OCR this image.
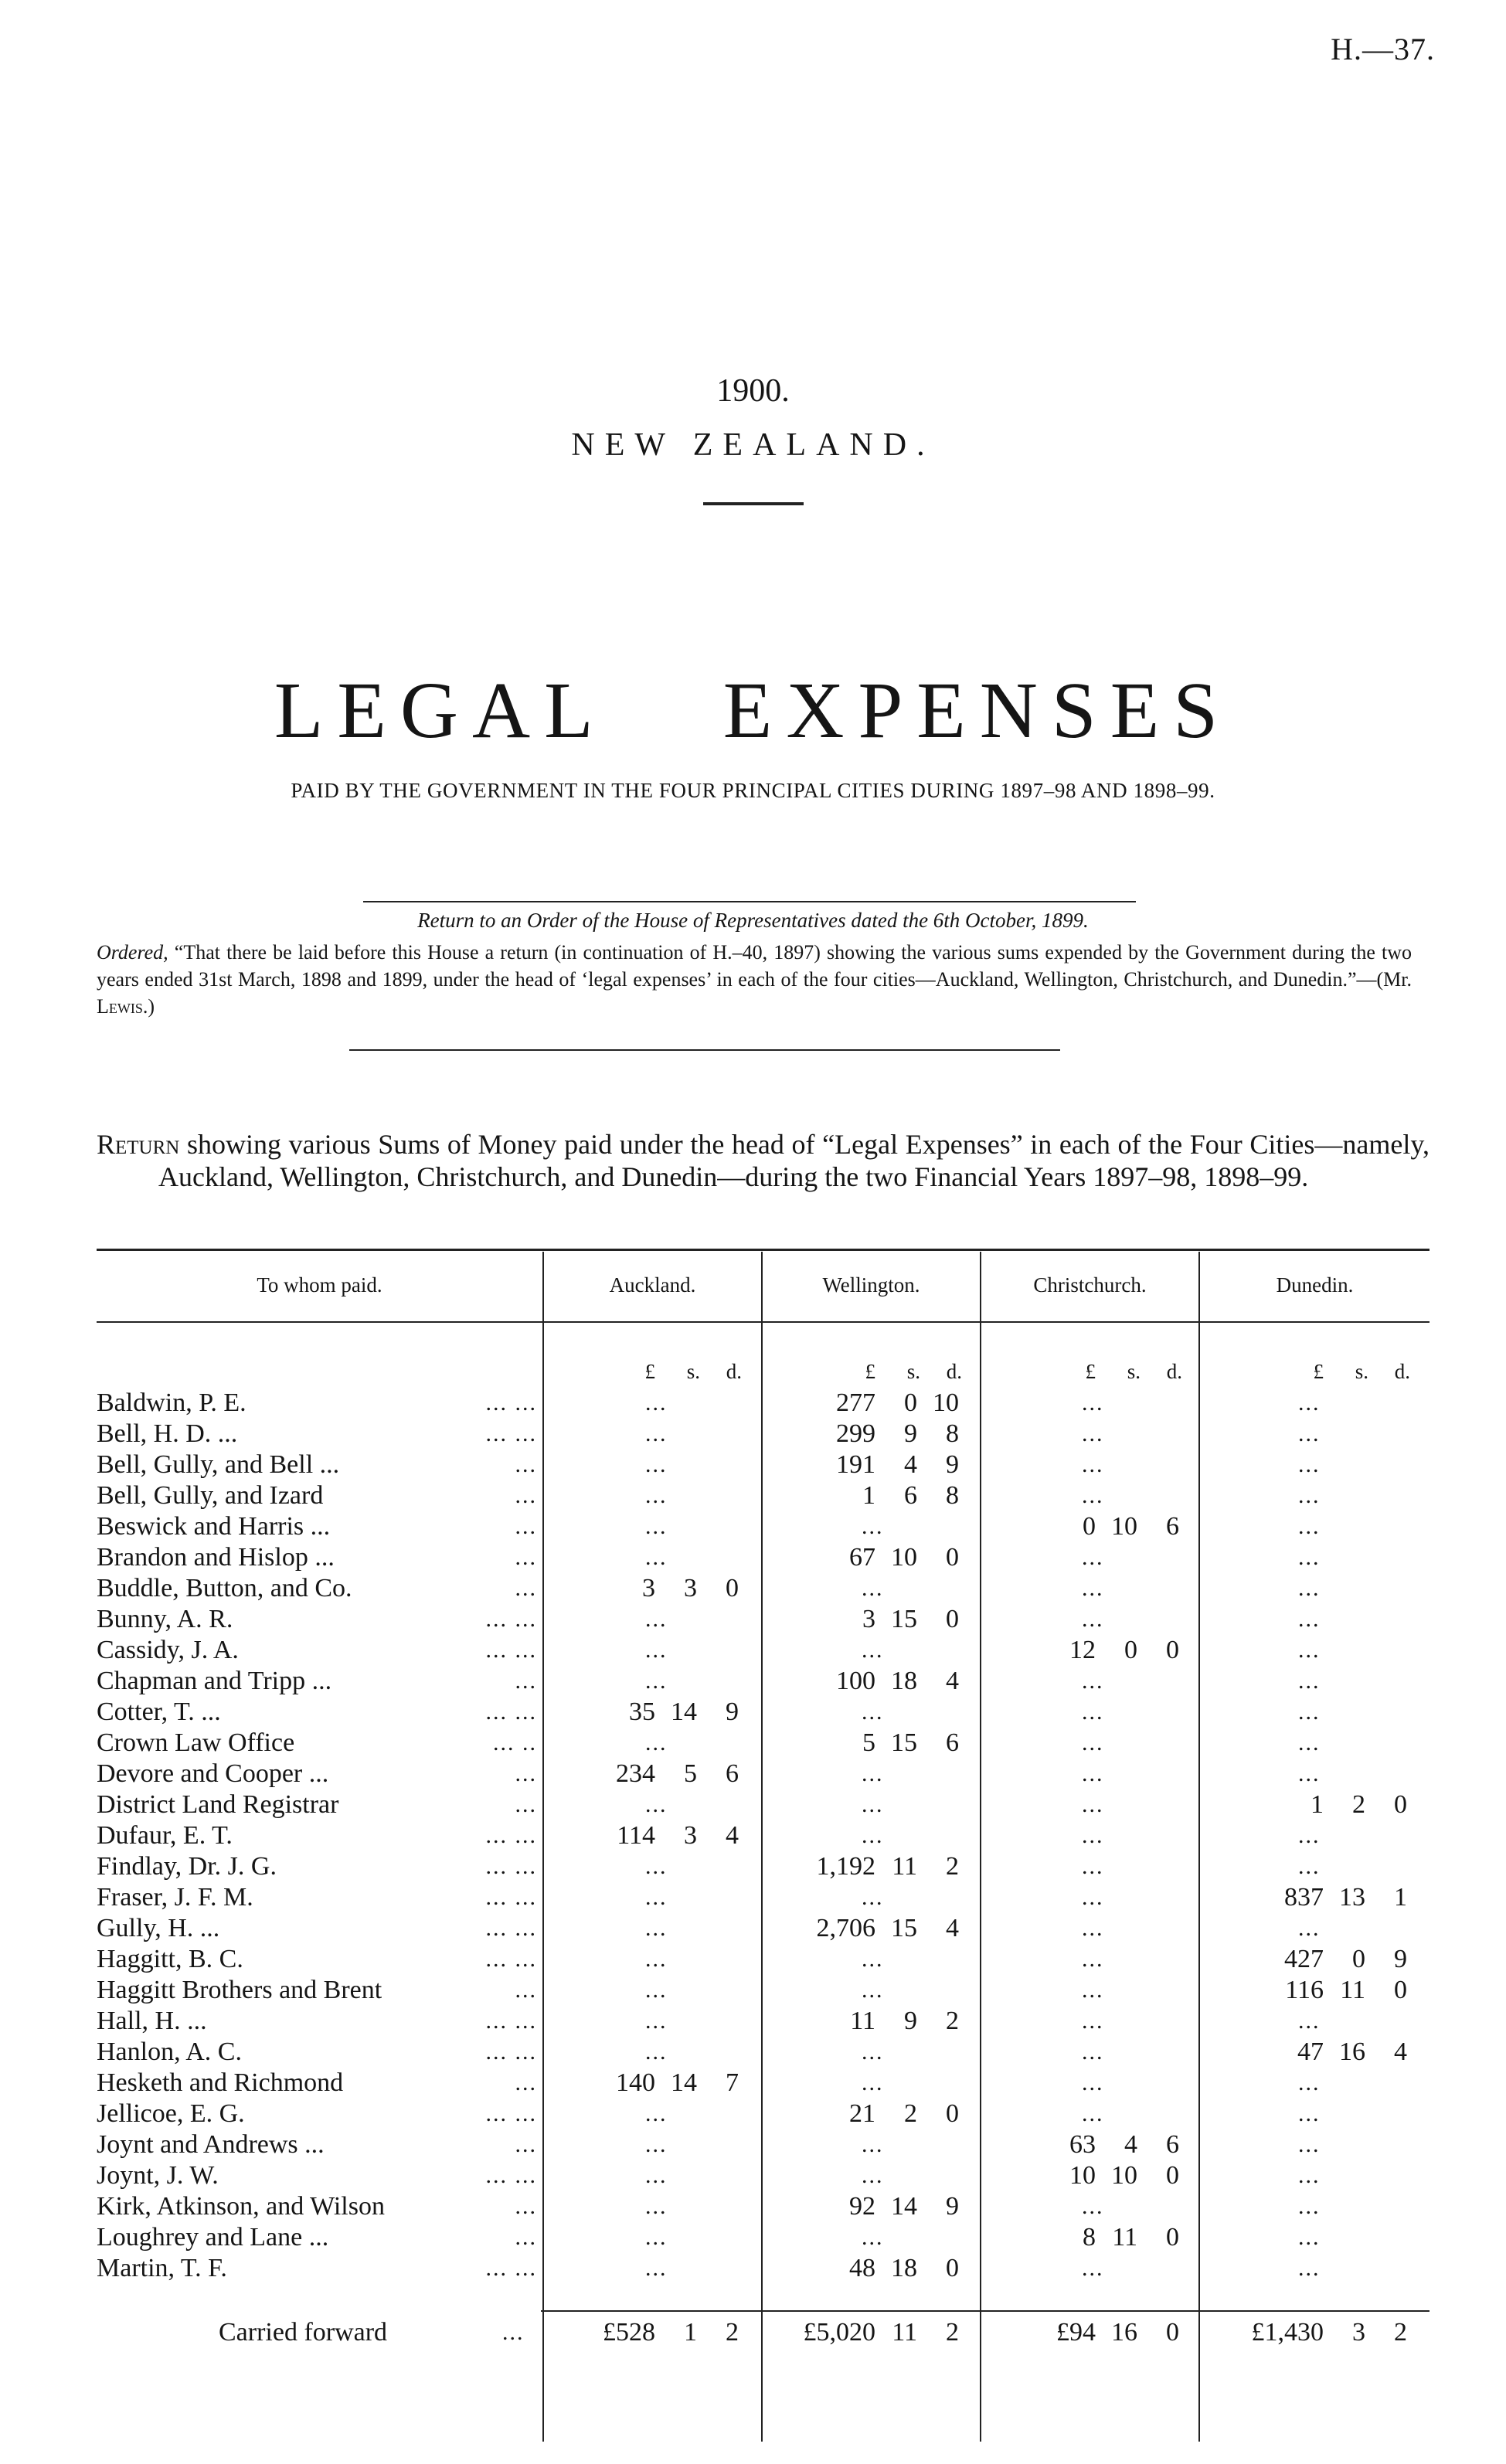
H.—37.
1900.
NEW ZEALAND.
LEGAL EXPENSES
PAID BY THE GOVERNMENT IN THE FOUR PRINCIPAL CITIES DURING 1897–98 AND 1898–99.
Return to an Order of the House of Representatives dated the 6th October, 1899.
Ordered, “That there be laid before this House a return (in continuation of H.–40, 1897) showing the various sums expended by the Government during the two years ended 31st March, 1898 and 1899, under the head of ‘legal expenses’ in each of the four cities—Auckland, Wellington, Christchurch, and Dunedin.”—(Mr. Lewis.)
Return showing various Sums of Money paid under the head of “Legal Expenses” in each of the Four Cities—namely, Auckland, Wellington, Christchurch, and Dunedin—during the two Financial Years 1897–98, 1898–99.
To whom paid.	Auckland.	Wellington.	Christchurch.	Dunedin.
£ s. d.	£ s. d.	£ s. d.	£ s. d.
Baldwin, P. E.	... ...	...	277 0 10	...	...
Bell, H. D. ...	... ...	...	299 9 8	...	...
Bell, Gully, and Bell ...	...	...	191 4 9	...	...
Bell, Gully, and Izard	...	...	1 6 8	...	...
Beswick and Harris ...	...	...	...	0 10 6	...
Brandon and Hislop ...	...	...	67 10 0	...	...
Buddle, Button, and Co.	...	3 3 0	...	...	...
Bunny, A. R.	... ...	...	3 15 0	...	...
Cassidy, J. A.	... ...	...	...	12 0 0	...
Chapman and Tripp ...	...	...	100 18 4	...	...
Cotter, T. ...	... ...	35 14 9	...	...	...
Crown Law Office	... ..	...	5 15 6	...	...
Devore and Cooper ...	...	234 5 6	...	...	...
District Land Registrar	...	...	...	...	1 2 0
Dufaur, E. T.	... ...	114 3 4	...	...	...
Findlay, Dr. J. G.	... ...	...	1,192 11 2	...	...
Fraser, J. F. M.	... ...	...	...	...	837 13 1
Gully, H. ...	... ...	...	2,706 15 4	...	...
Haggitt, B. C.	... ...	...	...	...	427 0 9
Haggitt Brothers and Brent	...	...	...	...	116 11 0
Hall, H. ...	... ...	...	11 9 2	...	...
Hanlon, A. C.	... ...	...	...	...	47 16 4
Hesketh and Richmond	...	140 14 7	...	...	...
Jellicoe, E. G.	... ...	...	21 2 0	...	...
Joynt and Andrews ...	...	...	...	63 4 6	...
Joynt, J. W.	... ...	...	...	10 10 0	...
Kirk, Atkinson, and Wilson	...	...	92 14 9	...	...
Loughrey and Lane ...	...	...	...	8 11 0	...
Martin, T. F.	... ...	...	48 18 0	...	...
Carried forward	...	£528 1 2	£5,020 11 2	£94 16 0	£1,430 3 2
